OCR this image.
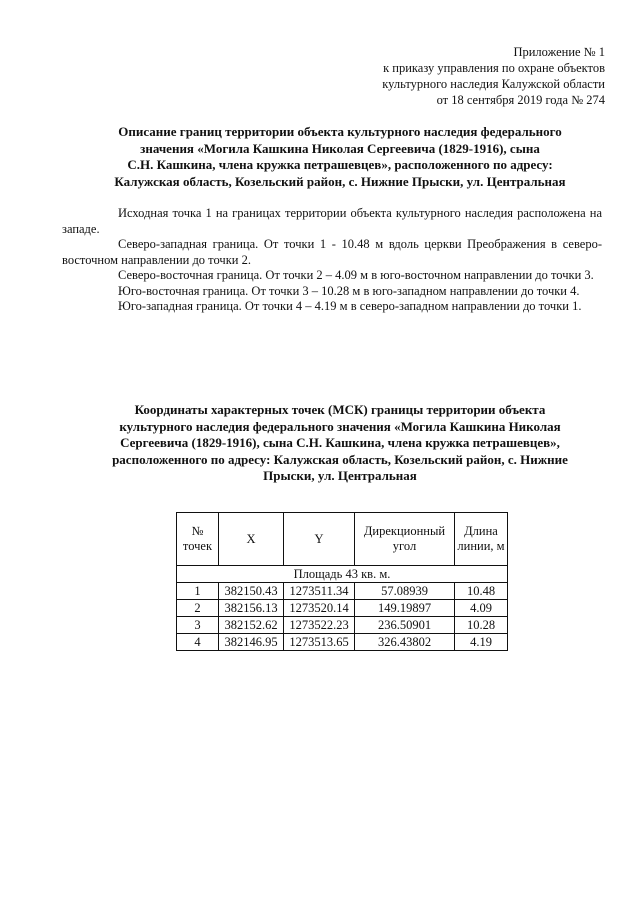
Приложение № 1
к приказу управления по охране объектов
культурного наследия Калужской области
от 18 сентября 2019 года № 274
Описание границ территории объекта культурного наследия федерального
значения «Могила Кашкина Николая Сергеевича (1829-1916), сына
С.Н. Кашкина, члена кружка петрашевцев», расположенного по адресу:
Калужская область, Козельский район, с. Нижние Прыски, ул. Центральная

Исходная точка 1 на границах территории объекта культурного наследия расположена на западе.

Северо-западная граница. От точки 1 - 10.48 м вдоль церкви Преображения в северо-восточном направлении до точки 2.

Северо-восточная граница. От точки 2 – 4.09 м в юго-восточном направлении до точки 3.

Юго-восточная граница. От точки 3 – 10.28 м в юго-западном направлении до точки 4.

Юго-западная граница. От точки 4 – 4.19 м в северо-западном направлении до точки 1.

Координаты характерных точек (МСК) границы территории объекта
культурного наследия федерального значения «Могила Кашкина Николая
Сергеевича (1829-1916), сына С.Н. Кашкина, члена кружка петрашевцев»,
расположенного по адресу: Калужская область, Козельский район, с. Нижние
Прыски, ул. Центральная
№ точек	X	Y	Дирекционный угол	Длина линии, м
Площадь 43 кв. м.				
1	382150.43	1273511.34	57.08939	10.48
2	382156.13	1273520.14	149.19897	4.09
3	382152.62	1273522.23	236.50901	10.28
4	382146.95	1273513.65	326.43802	4.19
